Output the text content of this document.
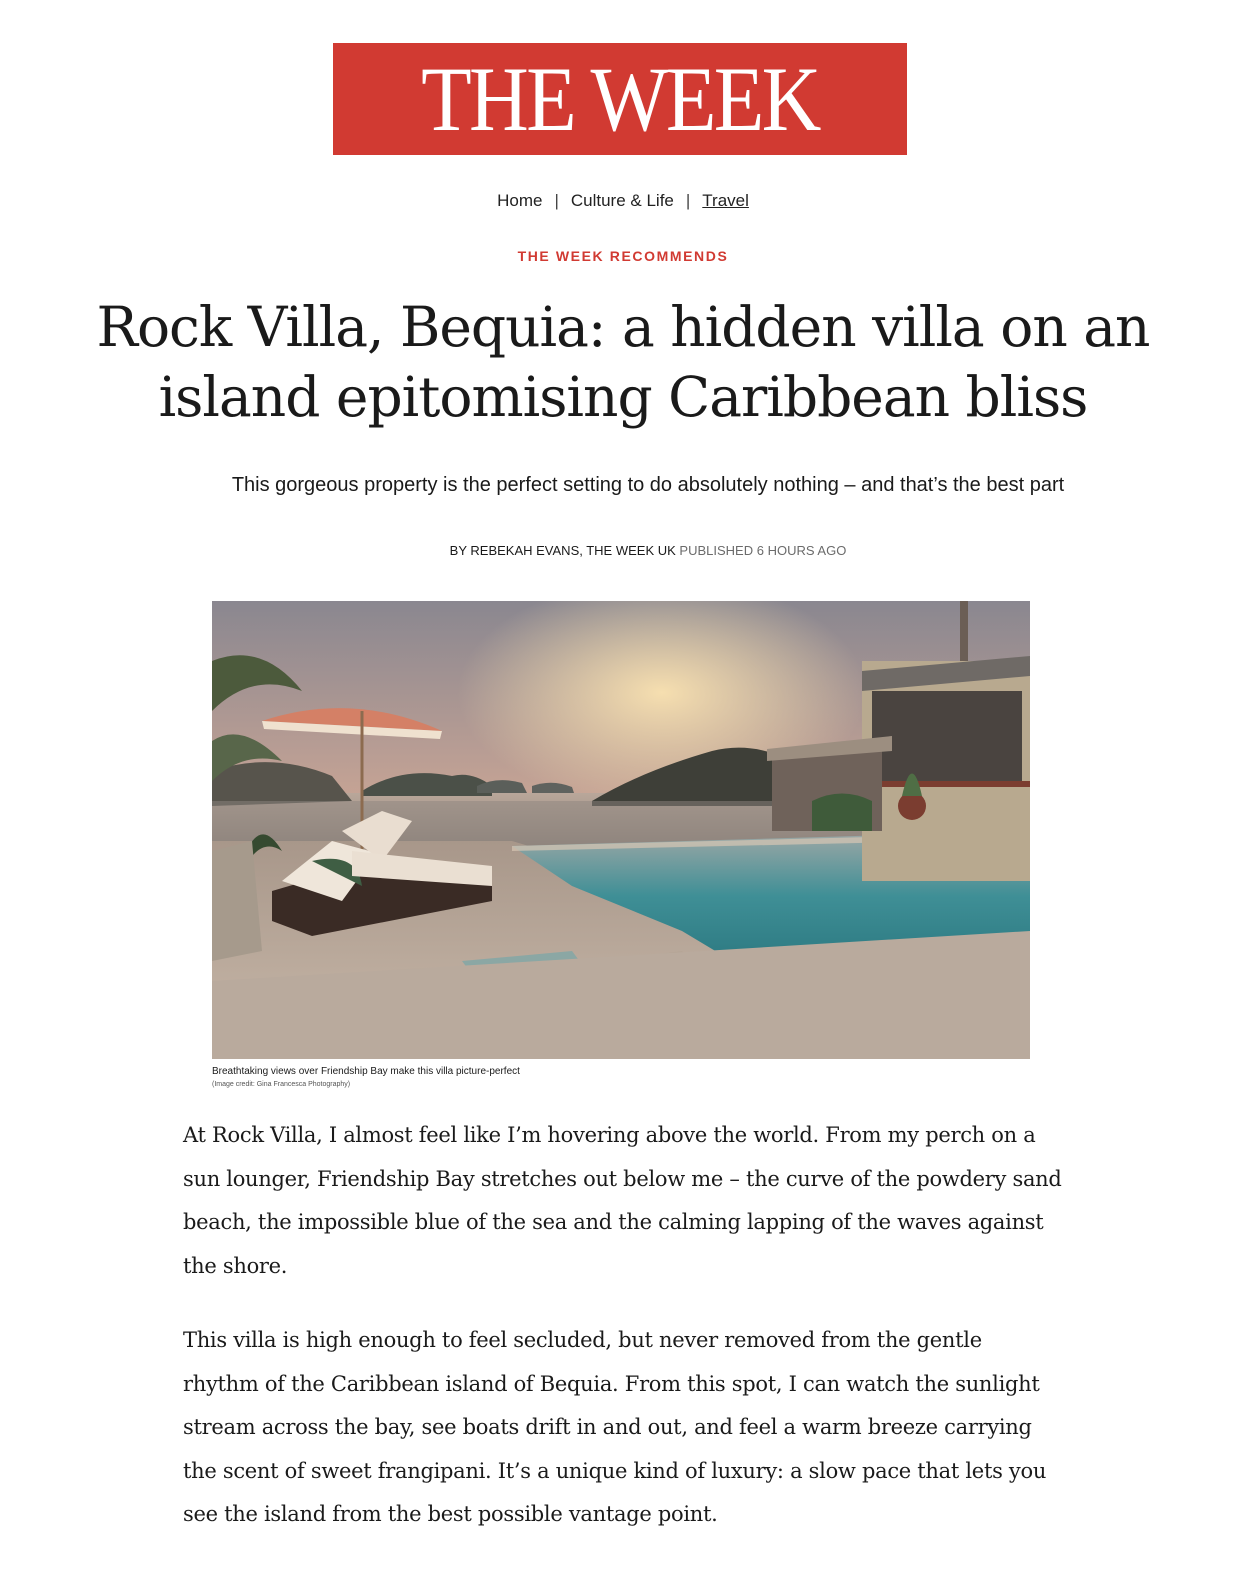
THE WEEK
Home | Culture & Life | Travel
THE WEEK RECOMMENDS
Rock Villa, Bequia: a hidden villa on an
island epitomising Caribbean bliss
This gorgeous property is the perfect setting to do absolutely nothing – and that’s the best part
BY REBEKAH EVANS, THE WEEK UK PUBLISHED 6 HOURS AGO
Breathtaking views over Friendship Bay make this villa picture-perfect
(Image credit: Gina Francesca Photography)

At Rock Villa, I almost feel like I’m hovering above the world. From my perch on a sun lounger, Friendship Bay stretches out below me – the curve of the powdery sand beach, the impossible blue of the sea and the calming lapping of the waves against the shore.

This villa is high enough to feel secluded, but never removed from the gentle rhythm of the Caribbean island of Bequia. From this spot, I can watch the sunlight stream across the bay, see boats drift in and out, and feel a warm breeze carrying the scent of sweet frangipani. It’s a unique kind of luxury: a slow pace that lets you see the island from the best possible vantage point.
